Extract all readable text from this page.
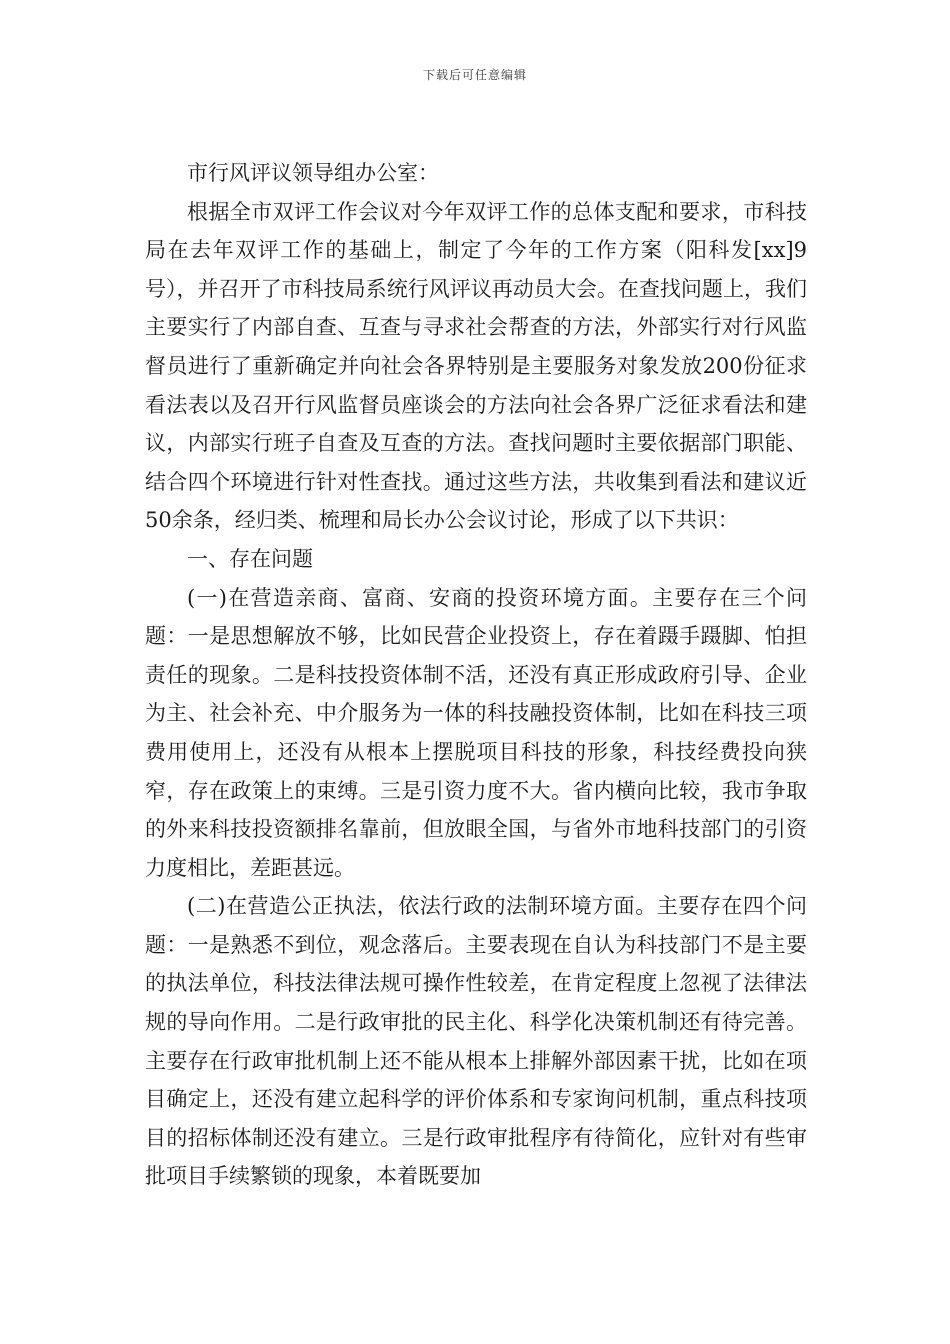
下载后可任意编辑

市行风评议领导组办公室：

根据全市双评工作会议对今年双评工作的总体支配和要求，市科技局在去年双评工作的基础上，制定了今年的工作方案（阳科发[xx]9号），并召开了市科技局系统行风评议再动员大会。在查找问题上，我们主要实行了内部自查、互查与寻求社会帮查的方法，外部实行对行风监督员进行了重新确定并向社会各界特别是主要服务对象发放200份征求看法表以及召开行风监督员座谈会的方法向社会各界广泛征求看法和建议，内部实行班子自查及互查的方法。查找问题时主要依据部门职能、结合四个环境进行针对性查找。通过这些方法，共收集到看法和建议近50余条，经归类、梳理和局长办公会议讨论，形成了以下共识：

一、存在问题

(一)在营造亲商、富商、安商的投资环境方面。主要存在三个问题：一是思想解放不够，比如民营企业投资上，存在着蹑手蹑脚、怕担责任的现象。二是科技投资体制不活，还没有真正形成政府引导、企业为主、社会补充、中介服务为一体的科技融投资体制，比如在科技三项费用使用上，还没有从根本上摆脱项目科技的形象，科技经费投向狭窄，存在政策上的束缚。三是引资力度不大。省内横向比较，我市争取的外来科技投资额排名靠前，但放眼全国，与省外市地科技部门的引资力度相比，差距甚远。

(二)在营造公正执法，依法行政的法制环境方面。主要存在四个问题：一是熟悉不到位，观念落后。主要表现在自认为科技部门不是主要的执法单位，科技法律法规可操作性较差，在肯定程度上忽视了法律法规的导向作用。二是行政审批的民主化、科学化决策机制还有待完善。主要存在行政审批机制上还不能从根本上排解外部因素干扰，比如在项目确定上，还没有建立起科学的评价体系和专家询问机制，重点科技项目的招标体制还没有建立。三是行政审批程序有待简化，应针对有些审批项目手续繁锁的现象，本着既要加
